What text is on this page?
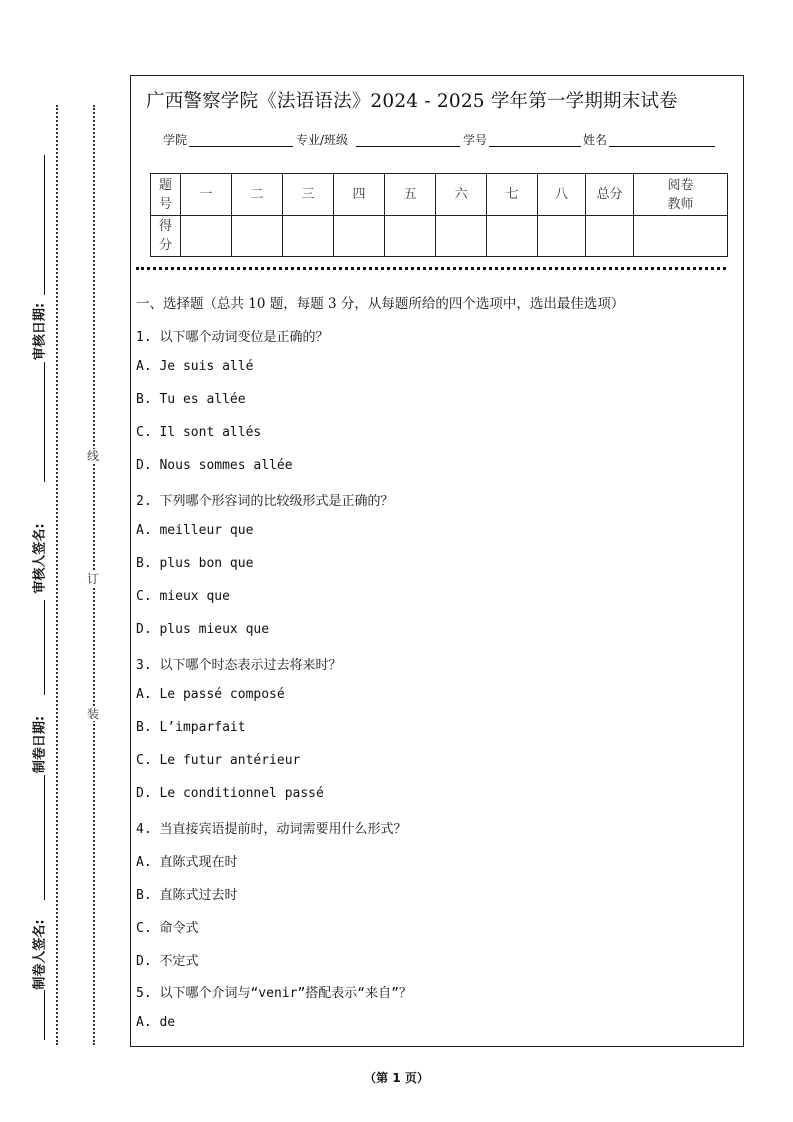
审核日期:
审核人签名:
制卷日期:
制卷人签名:
线
订
装
广西警察学院《法语语法》2024 - 2025 学年第一学期期末试卷
学院	专业/班级	学号	姓名
题
号	一	二	三	四	五	六	七	八	总分	阅卷
教师
得
分										
一、选择题（总共 10 题，每题 3 分，从每题所给的四个选项中，选出最佳选项）
1. 以下哪个动词变位是正确的？
A. Je suis allé
B. Tu es allée
C. Il sont allés
D. Nous sommes allée
2. 下列哪个形容词的比较级形式是正确的？
A. meilleur que
B. plus bon que
C. mieux que
D. plus mieux que
3. 以下哪个时态表示过去将来时？
A. Le passé composé
B. L’imparfait
C. Le futur antérieur
D. Le conditionnel passé
4. 当直接宾语提前时，动词需要用什么形式？
A. 直陈式现在时
B. 直陈式过去时
C. 命令式
D. 不定式
5. 以下哪个介词与“venir”搭配表示“来自”？
A. de
（第 1 页）
